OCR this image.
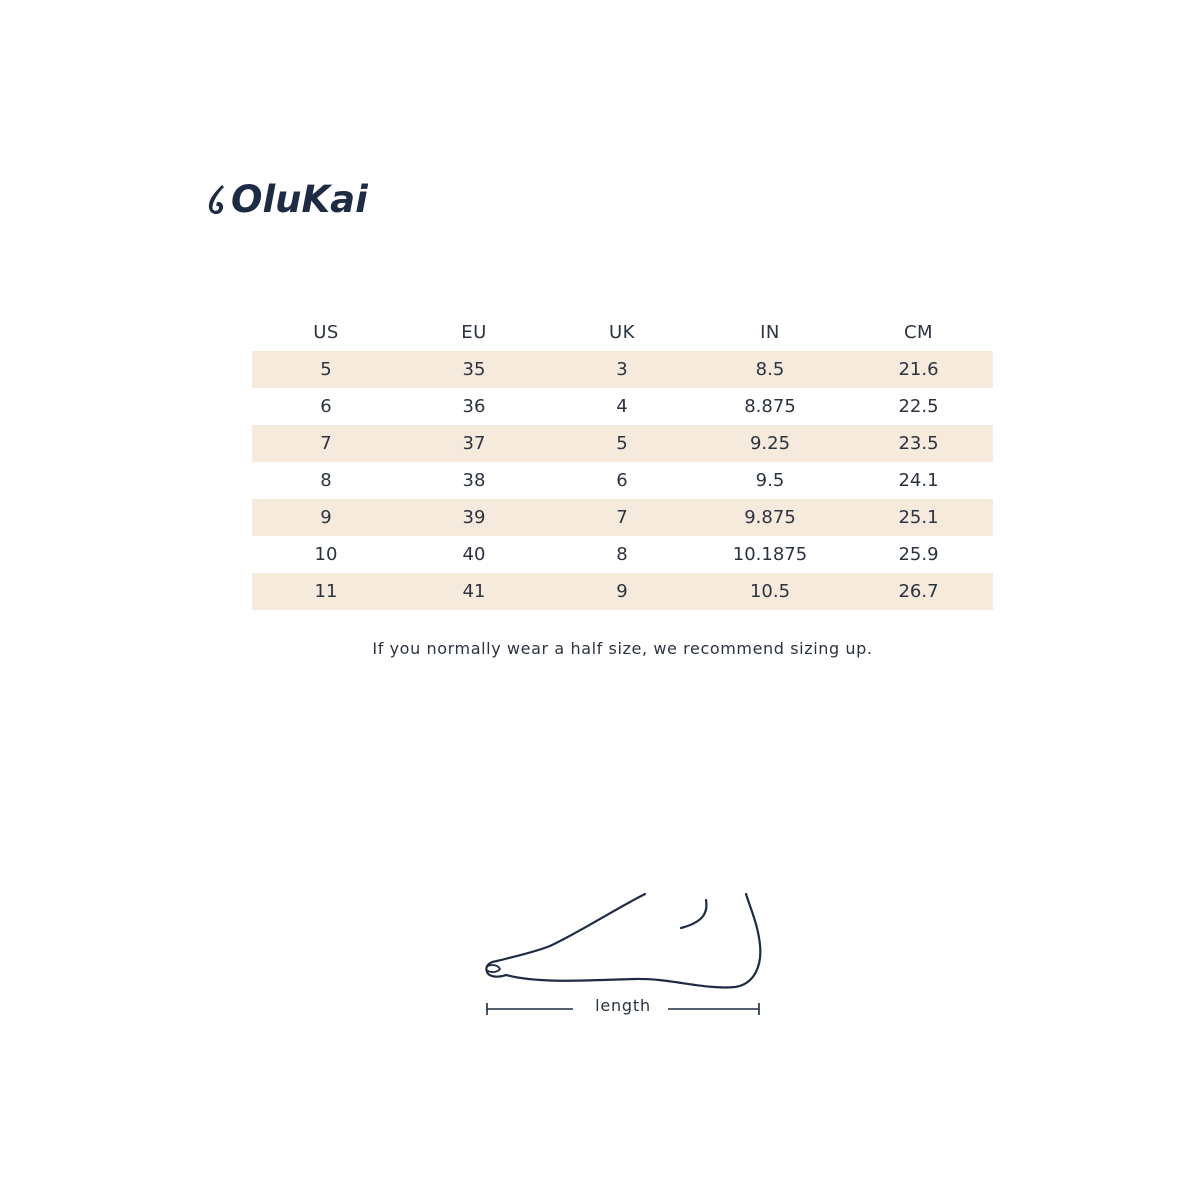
OluKai
US	EU	UK	IN	CM
5	35	3	8.5	21.6
6	36	4	8.875	22.5
7	37	5	9.25	23.5
8	38	6	9.5	24.1
9	39	7	9.875	25.1
10	40	8	10.1875	25.9
11	41	9	10.5	26.7
If you normally wear a half size, we recommend sizing up.
length
